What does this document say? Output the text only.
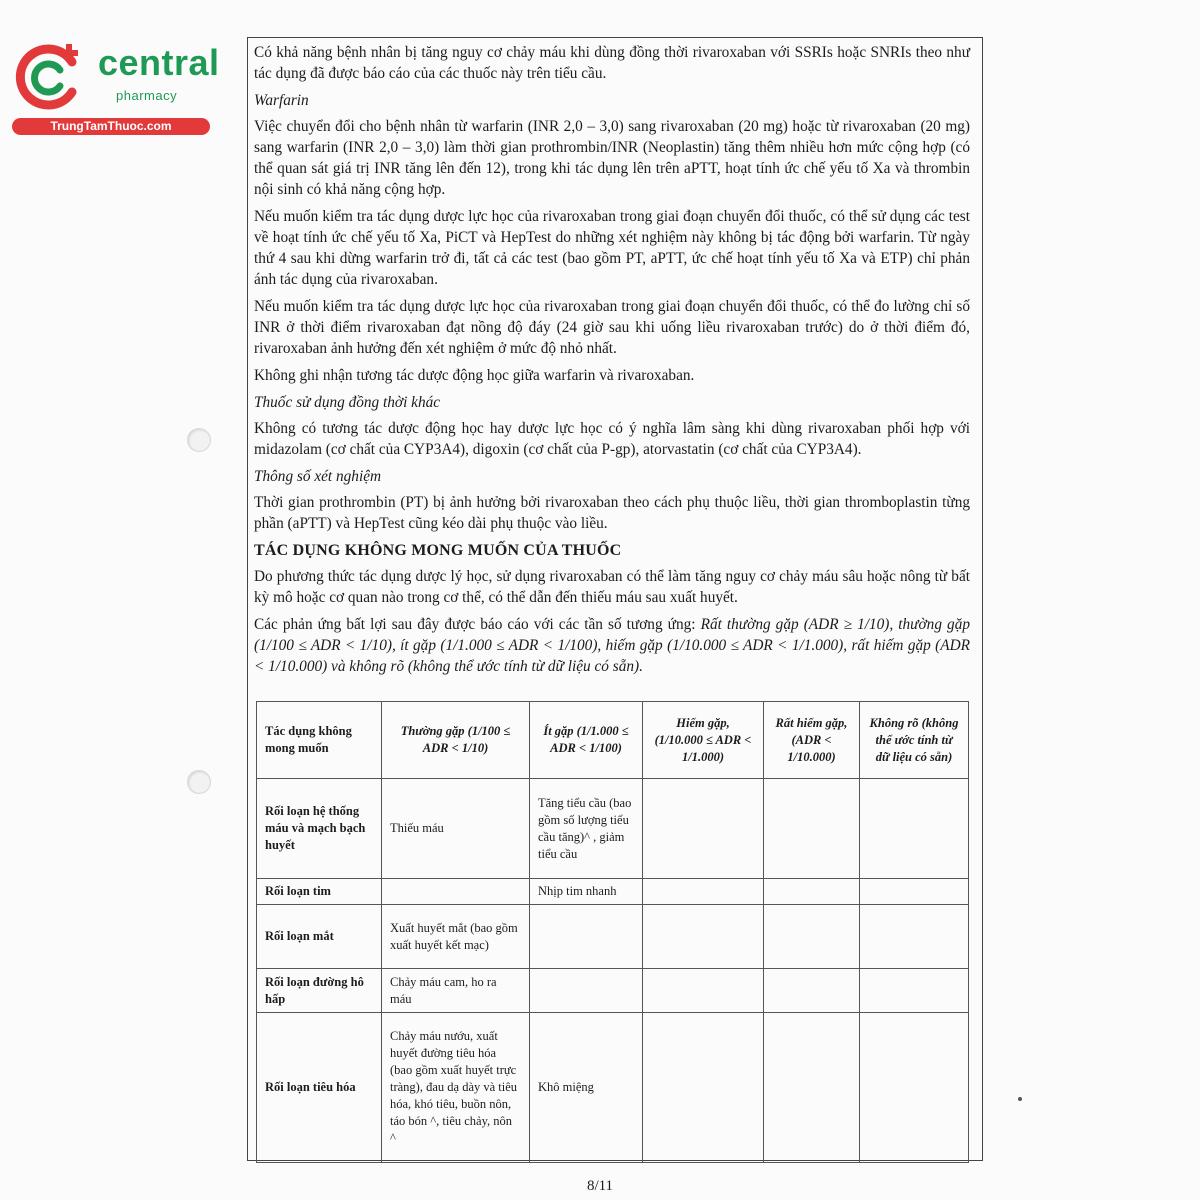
central
pharmacy
TrungTamThuoc.com

Có khả năng bệnh nhân bị tăng nguy cơ chảy máu khi dùng đồng thời rivaroxaban với SSRIs hoặc SNRIs theo như tác dụng đã được báo cáo của các thuốc này trên tiểu cầu.

Warfarin

Việc chuyển đổi cho bệnh nhân từ warfarin (INR 2,0 – 3,0) sang rivaroxaban (20 mg) hoặc từ rivaroxaban (20 mg) sang warfarin (INR 2,0 – 3,0) làm thời gian prothrombin/INR (Neoplastin) tăng thêm nhiều hơn mức cộng hợp (có thể quan sát giá trị INR tăng lên đến 12), trong khi tác dụng lên trên aPTT, hoạt tính ức chế yếu tố Xa và thrombin nội sinh có khả năng cộng hợp.

Nếu muốn kiểm tra tác dụng dược lực học của rivaroxaban trong giai đoạn chuyển đổi thuốc, có thể sử dụng các test về hoạt tính ức chế yếu tố Xa, PiCT và HepTest do những xét nghiệm này không bị tác động bởi warfarin. Từ ngày thứ 4 sau khi dừng warfarin trở đi, tất cả các test (bao gồm PT, aPTT, ức chế hoạt tính yếu tố Xa và ETP) chỉ phản ánh tác dụng của rivaroxaban.

Nếu muốn kiểm tra tác dụng dược lực học của rivaroxaban trong giai đoạn chuyển đổi thuốc, có thể đo lường chỉ số INR ở thời điểm rivaroxaban đạt nồng độ đáy (24 giờ sau khi uống liều rivaroxaban trước) do ở thời điểm đó, rivaroxaban ảnh hưởng đến xét nghiệm ở mức độ nhỏ nhất.

Không ghi nhận tương tác dược động học giữa warfarin và rivaroxaban.

Thuốc sử dụng đồng thời khác

Không có tương tác dược động học hay dược lực học có ý nghĩa lâm sàng khi dùng rivaroxaban phối hợp với midazolam (cơ chất của CYP3A4), digoxin (cơ chất của P-gp), atorvastatin (cơ chất của CYP3A4).

Thông số xét nghiệm

Thời gian prothrombin (PT) bị ảnh hưởng bởi rivaroxaban theo cách phụ thuộc liều, thời gian thromboplastin từng phần (aPTT) và HepTest cũng kéo dài phụ thuộc vào liều.

TÁC DỤNG KHÔNG MONG MUỐN CỦA THUỐC

Do phương thức tác dụng dược lý học, sử dụng rivaroxaban có thể làm tăng nguy cơ chảy máu sâu hoặc nông từ bất kỳ mô hoặc cơ quan nào trong cơ thể, có thể dẫn đến thiếu máu sau xuất huyết.

Các phản ứng bất lợi sau đây được báo cáo với các tần số tương ứng: Rất thường gặp (ADR ≥ 1/10), thường gặp (1/100 ≤ ADR < 1/10), ít gặp (1/1.000 ≤ ADR < 1/100), hiếm gặp (1/10.000 ≤ ADR < 1/1.000), rất hiếm gặp (ADR < 1/10.000) và không rõ (không thể ước tính từ dữ liệu có sẵn).

Tác dụng không mong muốn	Thường gặp (1/100 ≤ ADR < 1/10)	Ít gặp (1/1.000 ≤ ADR < 1/100)	Hiếm gặp, (1/10.000 ≤ ADR < 1/1.000)	Rất hiếm gặp, (ADR < 1/10.000)	Không rõ (không thể ước tính từ dữ liệu có sẵn)
Rối loạn hệ thống máu và mạch bạch huyết	Thiếu máu	Tăng tiểu cầu (bao gồm số lượng tiểu cầu tăng)^ , giảm tiểu cầu			
Rối loạn tim		Nhịp tim nhanh			
Rối loạn mắt	Xuất huyết mắt (bao gồm xuất huyết kết mạc)				
Rối loạn đường hô hấp	Chảy máu cam, ho ra máu				
Rối loạn tiêu hóa	Chảy máu nướu, xuất huyết đường tiêu hóa (bao gồm xuất huyết trực tràng), đau dạ dày và tiêu hóa, khó tiêu, buồn nôn, táo bón ^, tiêu chảy, nôn ^	Khô miệng			
8/11
